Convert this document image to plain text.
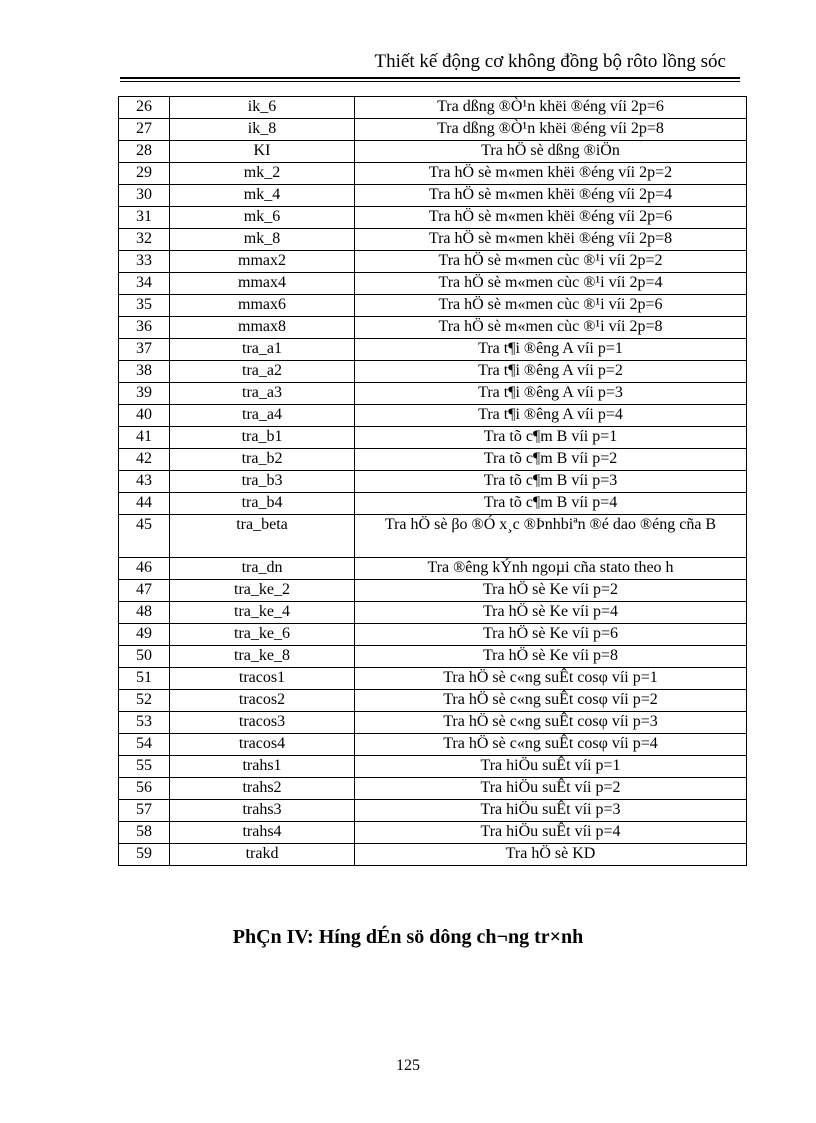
Thiết kế động cơ không đồng bộ rôto lồng sóc
26	ik_6	Tra dßng ®Ò¹n khëi ®éng víi 2p=6
27	ik_8	Tra dßng ®Ò¹n khëi ®éng víi 2p=8
28	KI	Tra hÖ sè dßng ®iÖn
29	mk_2	Tra hÖ sè m«men khëi ®éng víi 2p=2
30	mk_4	Tra hÖ sè m«men khëi ®éng víi 2p=4
31	mk_6	Tra hÖ sè m«men khëi ®éng víi 2p=6
32	mk_8	Tra hÖ sè m«men khëi ®éng víi 2p=8
33	mmax2	Tra hÖ sè m«men cùc ®¹i víi 2p=2
34	mmax4	Tra hÖ sè m«men cùc ®¹i víi 2p=4
35	mmax6	Tra hÖ sè m«men cùc ®¹i víi 2p=6
36	mmax8	Tra hÖ sè m«men cùc ®¹i víi 2p=8
37	tra_a1	Tra t¶i ®êng A víi p=1
38	tra_a2	Tra t¶i ®êng A víi p=2
39	tra_a3	Tra t¶i ®êng A víi p=3
40	tra_a4	Tra t¶i ®êng A víi p=4
41	tra_b1	Tra tõ c¶m B víi p=1
42	tra_b2	Tra tõ c¶m B víi p=2
43	tra_b3	Tra tõ c¶m B víi p=3
44	tra_b4	Tra tõ c¶m B víi p=4
45	tra_beta	Tra hÖ sè βo ®Ó x¸c ®Þnhbiªn ®é dao ®éng cña B
46	tra_dn	Tra ®êng kÝnh ngoµi cña stato theo h
47	tra_ke_2	Tra hÖ sè Ke víi p=2
48	tra_ke_4	Tra hÖ sè Ke víi p=4
49	tra_ke_6	Tra hÖ sè Ke víi p=6
50	tra_ke_8	Tra hÖ sè Ke víi p=8
51	tracos1	Tra hÖ sè c«ng suÊt cosφ víi p=1
52	tracos2	Tra hÖ sè c«ng suÊt cosφ víi p=2
53	tracos3	Tra hÖ sè c«ng suÊt cosφ víi p=3
54	tracos4	Tra hÖ sè c«ng suÊt cosφ víi p=4
55	trahs1	Tra hiÖu suÊt víi p=1
56	trahs2	Tra hiÖu suÊt víi p=2
57	trahs3	Tra hiÖu suÊt víi p=3
58	trahs4	Tra hiÖu suÊt víi p=4
59	trakd	Tra hÖ sè KD
PhÇn IV: Híng dÉn sö dông ch¬ng tr×nh
125
